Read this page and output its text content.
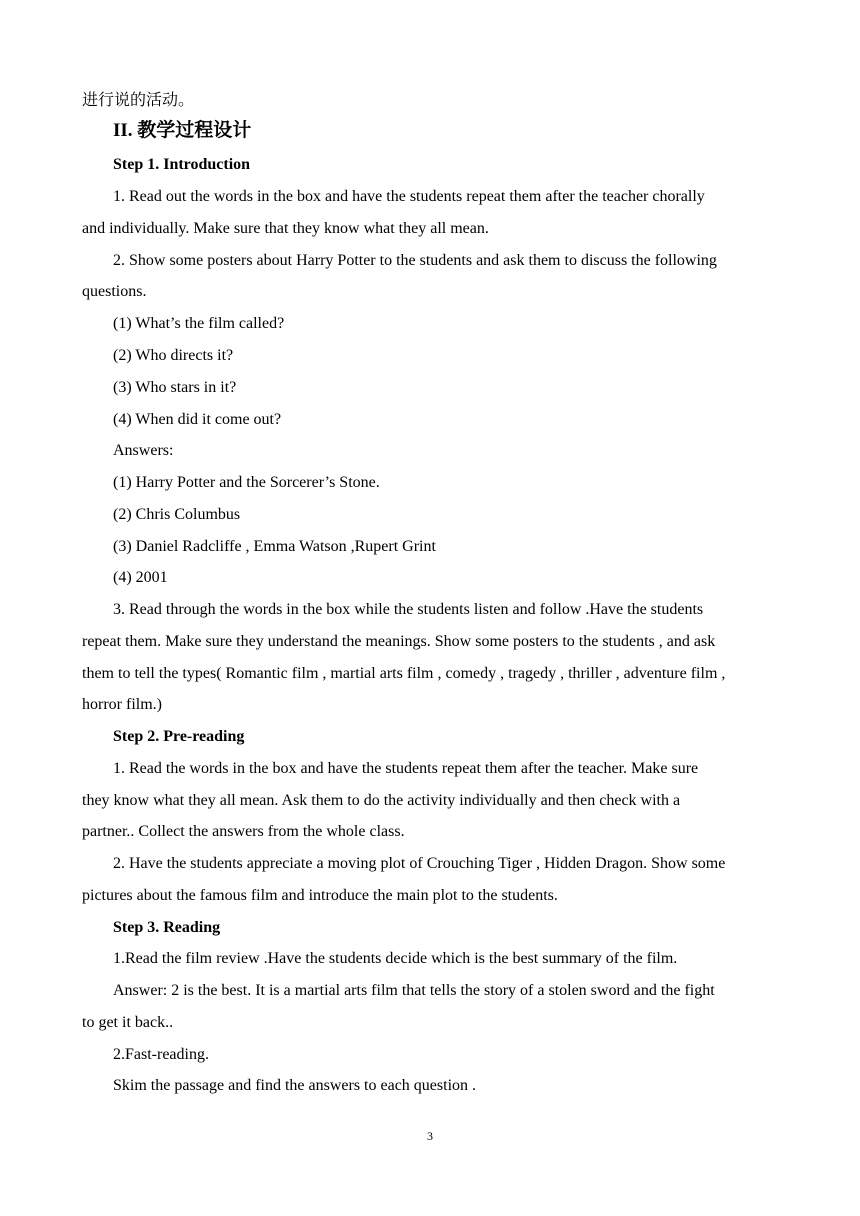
进行说的活动。
II. 教学过程设计
Step 1. Introduction
1. Read out the words in the box and have the students repeat them after the teacher chorally
and individually. Make sure that they know what they all mean.
2. Show some posters about Harry Potter to the students and ask them to discuss the following
questions.
(1) What’s the film called?
(2) Who directs it?
(3) Who stars in it?
(4) When did it come out?
Answers:
(1) Harry Potter and the Sorcerer’s Stone.
(2) Chris Columbus
(3) Daniel Radcliffe , Emma Watson ,Rupert Grint
(4) 2001
3. Read through the words in the box while the students listen and follow .Have the students
repeat them. Make sure they understand the meanings. Show some posters to the students , and ask
them to tell the types( Romantic film , martial arts film , comedy , tragedy , thriller , adventure film ,
horror film.)
Step 2. Pre-reading
1. Read the words in the box and have the students repeat them after the teacher. Make sure
they know what they all mean. Ask them to do the activity individually and then check with a
partner.. Collect the answers from the whole class.
2. Have the students appreciate a moving plot of Crouching Tiger , Hidden Dragon. Show some
pictures about the famous film and introduce the main plot to the students.
Step 3. Reading
1.Read the film review .Have the students decide which is the best summary of the film.
Answer: 2 is the best. It is a martial arts film that tells the story of a stolen sword and the fight
to get it back..
2.Fast-reading.
Skim the passage and find the answers to each question .
3
